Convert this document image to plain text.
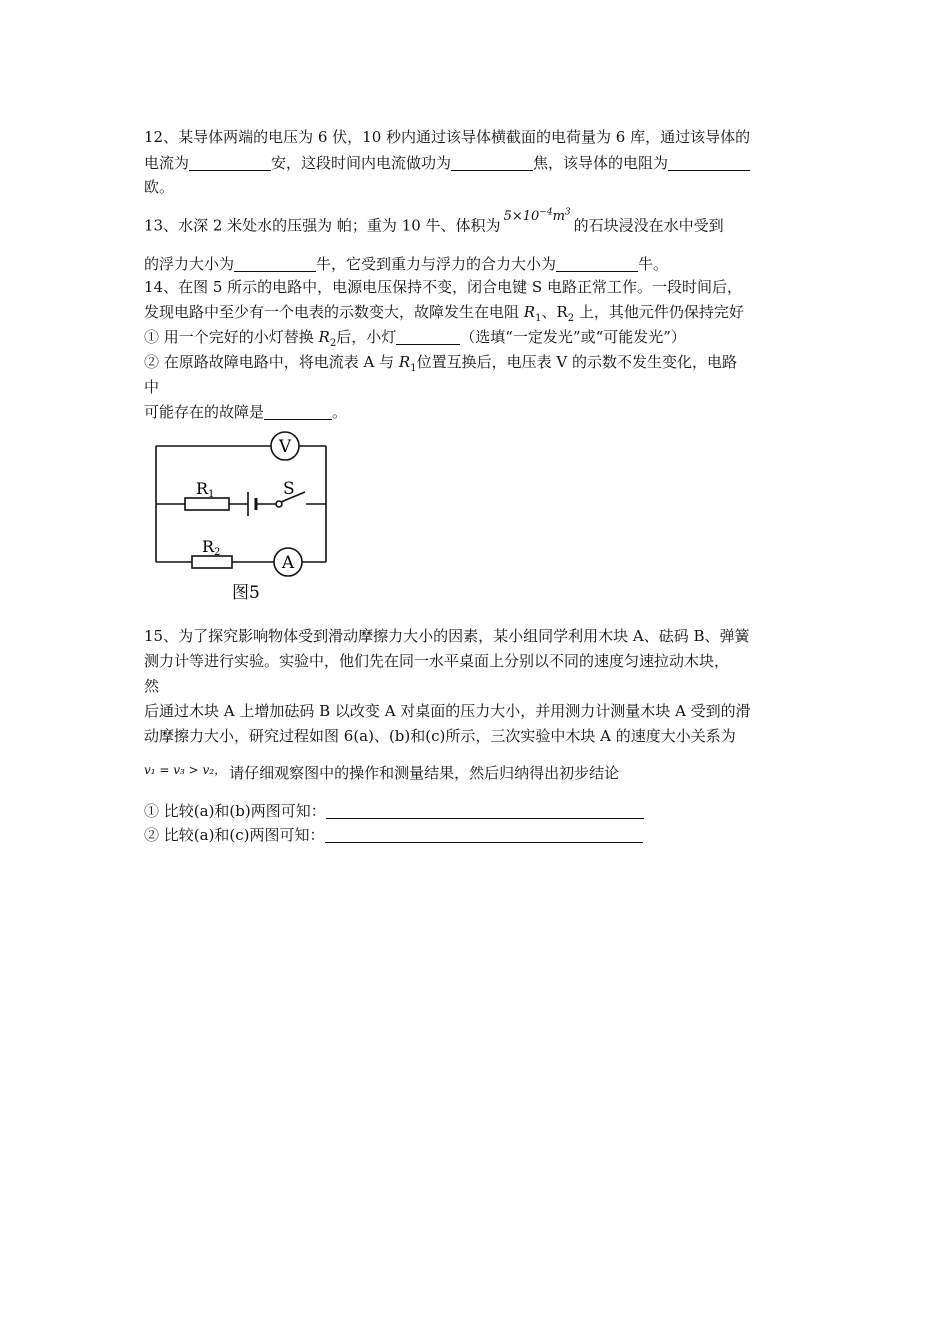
12、某导体两端的电压为 6 伏，10 秒内通过该导体横截面的电荷量为 6 库，通过该导体的
电流为	安，这段时间内电流做功为	焦，该导体的电阻为
欧。
13、水深 2 米处水的压强为 帕；重为 10 牛、体积为 $5\times 10^{-4}m^3$的石块浸没在水中受到
的浮力大小为	牛，它受到重力与浮力的合力大小为	牛。
14、在图 5 所示的电路中，电源电压保持不变，闭合电键 S 电路正常工作。一段时间后，
发现电路中至少有一个电表的示数变大，故障发生在电阻 $R_1$、$R_2$ 上，其他元件仍保持完好
① 用一个完好的小灯替换 $R_2$后，小灯	（选填“一定发光”或“可能发光”）
② 在原路故障电路中，将电流表 A 与 $R_1$位置互换后，电压表 V 的示数不发生变化，电路
中
可能存在的故障是	。
V
A
R1
R2
S
图5
15、为了探究影响物体受到滑动摩擦力大小的因素，某小组同学利用木块 A、砝码 B、弹簧
测力计等进行实验。实验中，他们先在同一水平桌面上分别以不同的速度匀速拉动木块，
然
后通过木块 A 上增加砝码 B 以改变 A 对桌面的压力大小，并用测力计测量木块 A 受到的滑
动摩擦力大小，研究过程如图 6(a)、(b)和(c)所示，三次实验中木块 A 的速度大小关系为
$^{v_1 = v_3 > v_2,}$ 请仔细观察图中的操作和测量结果，然后归纳得出初步结论
① 比较(a)和(b)两图可知：
② 比较(a)和(c)两图可知：
